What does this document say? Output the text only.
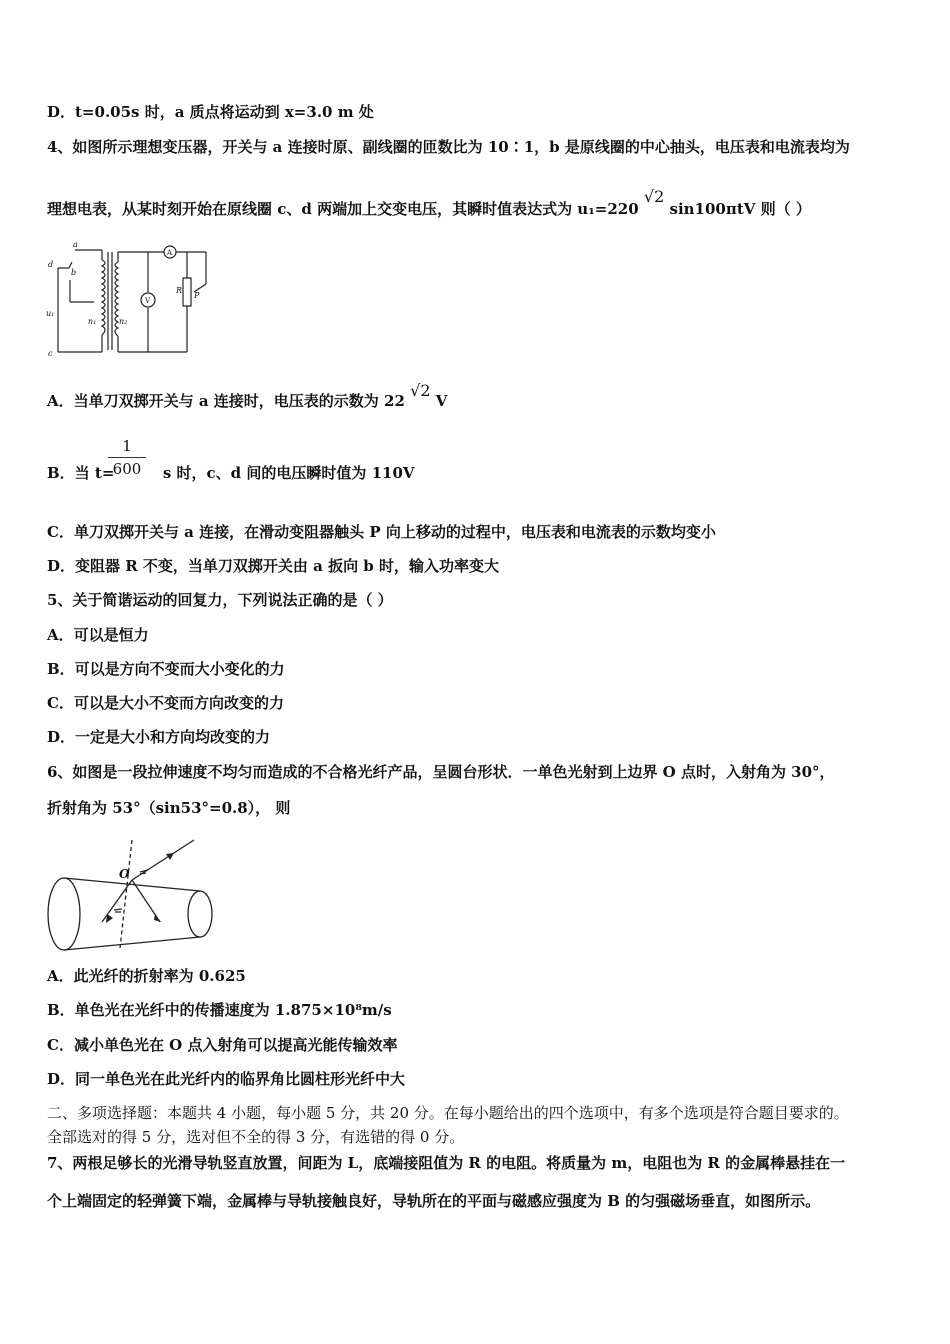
D．t=0.05s 时，a 质点将运动到 x=3.0 m 处
4、如图所示理想变压器，开关与 a 连接时原、副线圈的匝数比为 10∶1，b 是原线圈的中心抽头，电压表和电流表均为
理想电表，从某时刻开始在原线圈 c、d 两端加上交变电压，其瞬时值表达式为 u₁=220 √2 sin100πtV 则（ ）
a
b
d
c
u₁
n₁	n₂
R
P
A
V
A．当单刀双掷开关与 a 连接时，电压表的示数为 22 √2 V
B．当 t=	s 时，c、d 间的电压瞬时值为 110V
1
600
C．单刀双掷开关与 a 连接，在滑动变阻器触头 P 向上移动的过程中，电压表和电流表的示数均变小
D．变阻器 R 不变，当单刀双掷开关由 a 扳向 b 时，输入功率变大
5、关于简谐运动的回复力，下列说法正确的是（ ）
A．可以是恒力
B．可以是方向不变而大小变化的力
C．可以是大小不变而方向改变的力
D．一定是大小和方向均改变的力
6、如图是一段拉伸速度不均匀而造成的不合格光纤产品，呈圆台形状．一单色光射到上边界 O 点时，入射角为 30°，
折射角为 53°（sin53°=0.8）， 则
O
A．此光纤的折射率为 0.625
B．单色光在光纤中的传播速度为 1.875×10⁸m/s
C．减小单色光在 O 点入射角可以提高光能传输效率
D．同一单色光在此光纤内的临界角比圆柱形光纤中大
二、多项选择题：本题共 4 小题，每小题 5 分，共 20 分。在每小题给出的四个选项中，有多个选项是符合题目要求的。
全部选对的得 5 分，选对但不全的得 3 分，有选错的得 0 分。
7、两根足够长的光滑导轨竖直放置，间距为 L，底端接阻值为 R 的电阻。将质量为 m，电阻也为 R 的金属棒悬挂在一
个上端固定的轻弹簧下端，金属棒与导轨接触良好，导轨所在的平面与磁感应强度为 B 的匀强磁场垂直，如图所示。
